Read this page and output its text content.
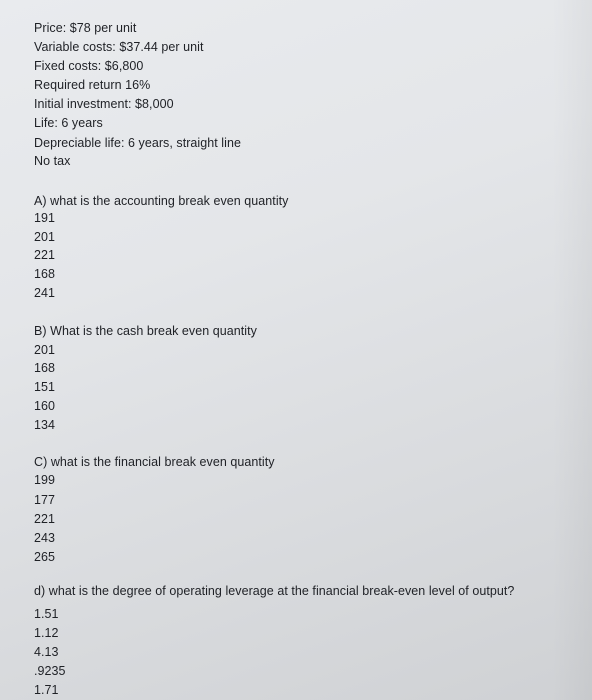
Price: $78 per unit
Variable costs: $37.44 per unit
Fixed costs: $6,800
Required return 16%
Initial investment: $8,000
Life: 6 years
Depreciable life: 6 years, straight line
No tax
A) what is the accounting break even quantity
191
201
221
168
241
B) What is the cash break even quantity
201
168
151
160
134
C) what is the financial break even quantity
199
177
221
243
265
d) what is the degree of operating leverage at the financial break-even level of output?
1.51
1.12
4.13
.9235
1.71
